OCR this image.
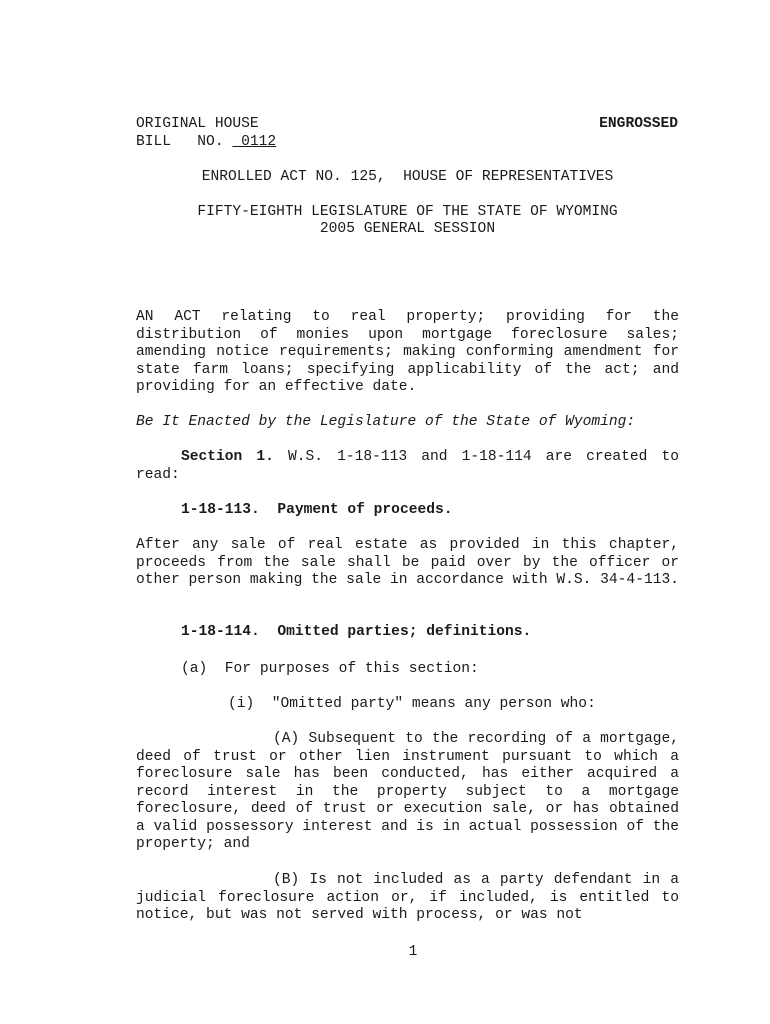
ORIGINAL HOUSE	ENGROSSED
BILL   NO.  0112
ENROLLED ACT NO. 125,  HOUSE OF REPRESENTATIVES
FIFTY-EIGHTH LEGISLATURE OF THE STATE OF WYOMING
2005 GENERAL SESSION
AN ACT relating to real property; providing for the distribution of monies upon mortgage foreclosure sales; amending notice requirements; making conforming amendment for state farm loans; specifying applicability of the act; and providing for an effective date.
Be It Enacted by the Legislature of the State of Wyoming:
Section 1. W.S. 1-18-113 and 1-18-114 are created to read:
1-18-113.  Payment of proceeds.
After any sale of real estate as provided in this chapter, proceeds from the sale shall be paid over by the officer or other person making the sale in accordance with W.S. 34-4-113.
1-18-114.  Omitted parties; definitions.
(a)  For purposes of this section:
(i)  "Omitted party" means any person who:
(A) Subsequent to the recording of a mortgage, deed of trust or other lien instrument pursuant to which a foreclosure sale has been conducted, has either acquired a record interest in the property subject to a mortgage foreclosure, deed of trust or execution sale, or has obtained a valid possessory interest and is in actual possession of the property; and
(B) Is not included as a party defendant in a judicial foreclosure action or, if included, is entitled to notice, but was not served with process, or was not
1
